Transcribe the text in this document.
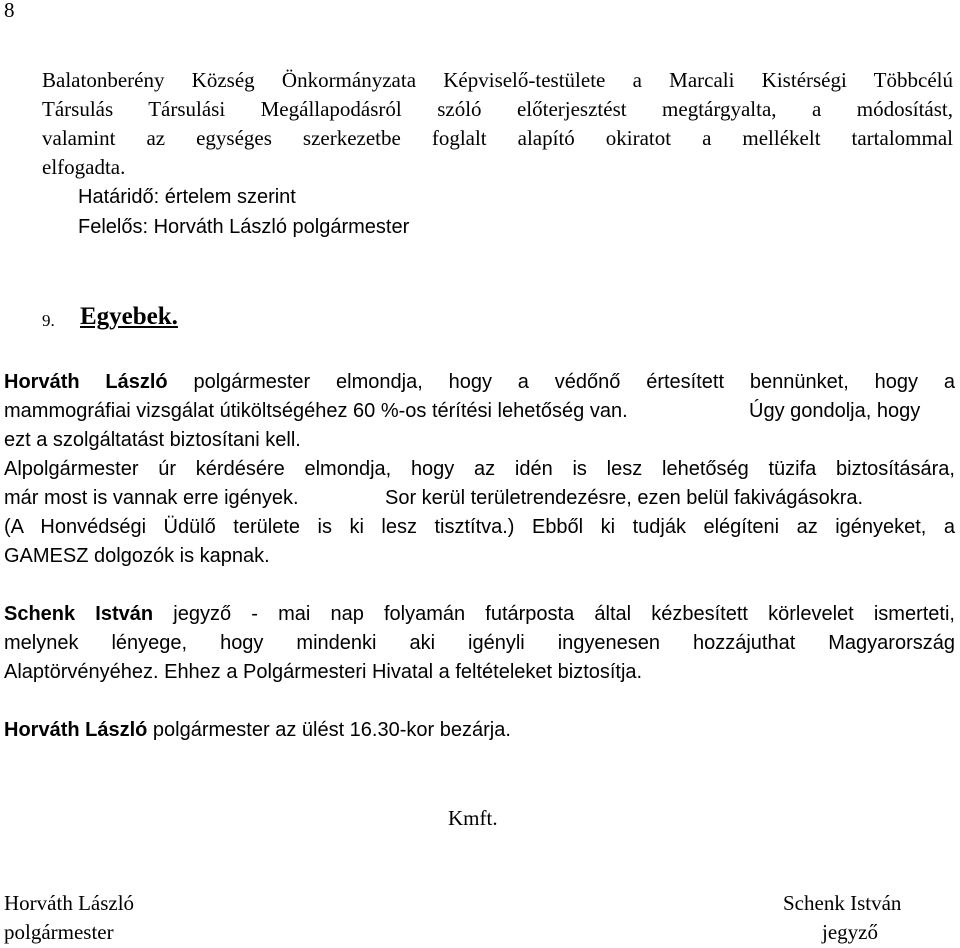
8
Balatonberény Község Önkormányzata Képviselő-testülete a Marcali Kistérségi Többcélú
Társulás Társulási Megállapodásról szóló előterjesztést megtárgyalta, a módosítást,
valamint az egységes szerkezetbe foglalt alapító okiratot a mellékelt tartalommal
elfogadta.
Határidő: értelem szerint
Felelős: Horváth László polgármester
9. Egyebek.
Horváth László polgármester elmondja, hogy a védőnő értesített bennünket, hogy a
mammográfiai vizsgálat útiköltségéhez 60 %-os térítési lehetőség van.	Úgy gondolja, hogy
ezt a szolgáltatást biztosítani kell.
Alpolgármester úr kérdésére elmondja, hogy az idén is lesz lehetőség tüzifa biztosítására,
már most is vannak erre igények.	Sor kerül területrendezésre, ezen belül fakivágásokra.
(A Honvédségi Üdülő területe is ki lesz tisztítva.) Ebből ki tudják elégíteni az igényeket, a
GAMESZ dolgozók is kapnak.
Schenk István jegyző - mai nap folyamán futárposta által kézbesített körlevelet ismerteti,
melynek lényege, hogy mindenki aki igényli ingyenesen hozzájuthat Magyarország
Alaptörvényéhez. Ehhez a Polgármesteri Hivatal a feltételeket biztosítja.
Horváth László polgármester az ülést 16.30-kor bezárja.
Kmft.
Horváth László
polgármester
Schenk István
jegyző
